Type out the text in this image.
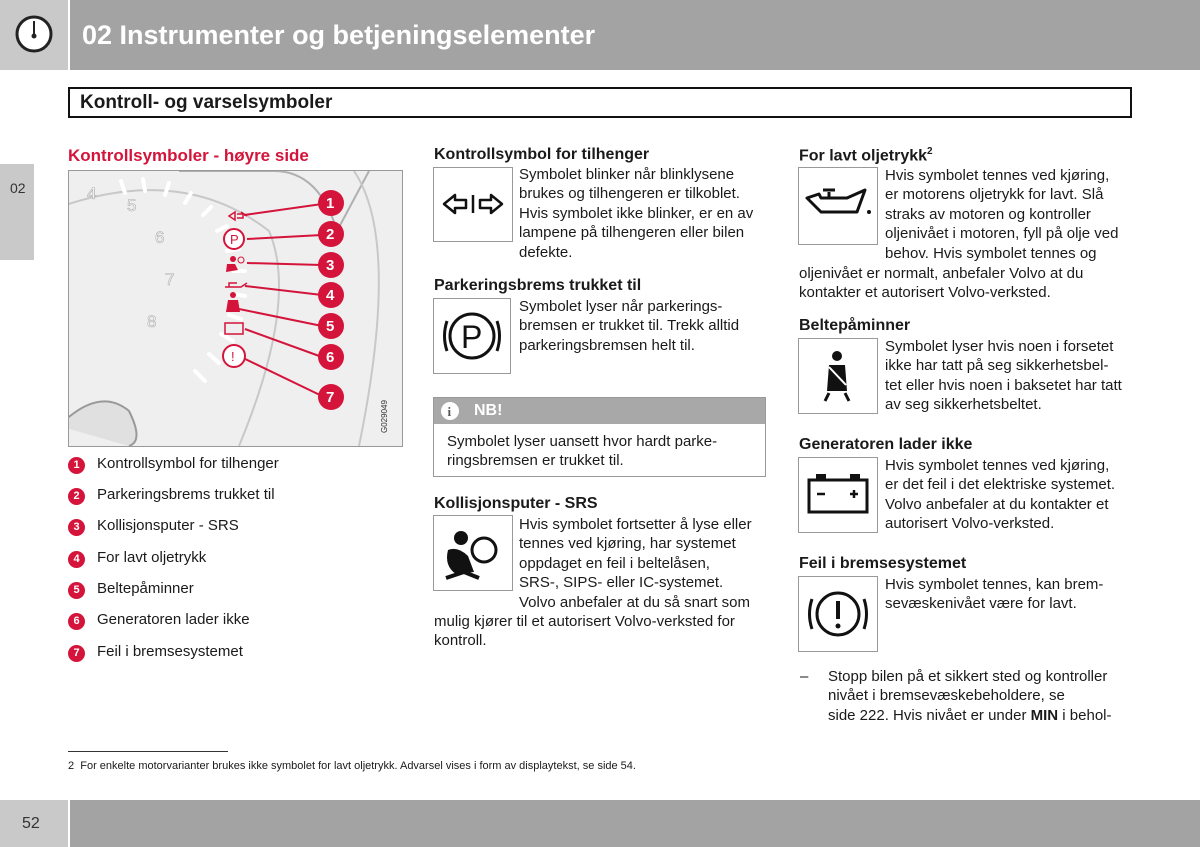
02 Instrumenter og betjeningselementer
02
Kontroll- og varselsymboler
Kontrollsymboler - høyre side
4
5
6
7
8
P
!
1
2
3
4
5
6
7
G029049
1	Kontrollsymbol for tilhenger
2	Parkeringsbrems trukket til
3	Kollisjonsputer - SRS
4	For lavt oljetrykk
5	Beltepåminner
6	Generatoren lader ikke
7	Feil i bremsesystemet
Kontrollsymbol for tilhenger
Symbolet blinker når blinklysene
brukes og tilhengeren er tilkoblet.
Hvis symbolet ikke blinker, er en av
lampene på tilhengeren eller bilen
defekte.
Parkeringsbrems trukket til
P
Symbolet lyser når parkerings-
bremsen er trukket til. Trekk alltid
parkeringsbremsen helt til.
i NB!
Symbolet lyser uansett hvor hardt parke-
ringsbremsen er trukket til.
Kollisjonsputer - SRS
Hvis symbolet fortsetter å lyse eller
tennes ved kjøring, har systemet
oppdaget en feil i beltelåsen,
SRS-, SIPS- eller IC-systemet.
Volvo anbefaler at du så snart som
mulig kjører til et autorisert Volvo-verksted for
kontroll.
For lavt oljetrykk$^2$
Hvis symbolet tennes ved kjøring,
er motorens oljetrykk for lavt. Slå
straks av motoren og kontroller
oljenivået i motoren, fyll på olje ved
behov. Hvis symbolet tennes og
oljenivået er normalt, anbefaler Volvo at du
kontakter et autorisert Volvo-verksted.
Beltepåminner
Symbolet lyser hvis noen i forsetet
ikke har tatt på seg sikkerhetsbel-
tet eller hvis noen i baksetet har tatt
av seg sikkerhetsbeltet.
Generatoren lader ikke
Hvis symbolet tennes ved kjøring,
er det feil i det elektriske systemet.
Volvo anbefaler at du kontakter et
autorisert Volvo-verksted.
Feil i bremsesystemet
Hvis symbolet tennes, kan brem-
sevæskenivået være for lavt.
– Stopp bilen på et sikkert sted og kontroller
nivået i bremsevæskebeholdere, se
side 222. Hvis nivået er under MIN i behol-
2 For enkelte motorvarianter brukes ikke symbolet for lavt oljetrykk. Advarsel vises i form av displaytekst, se side 54.
52
